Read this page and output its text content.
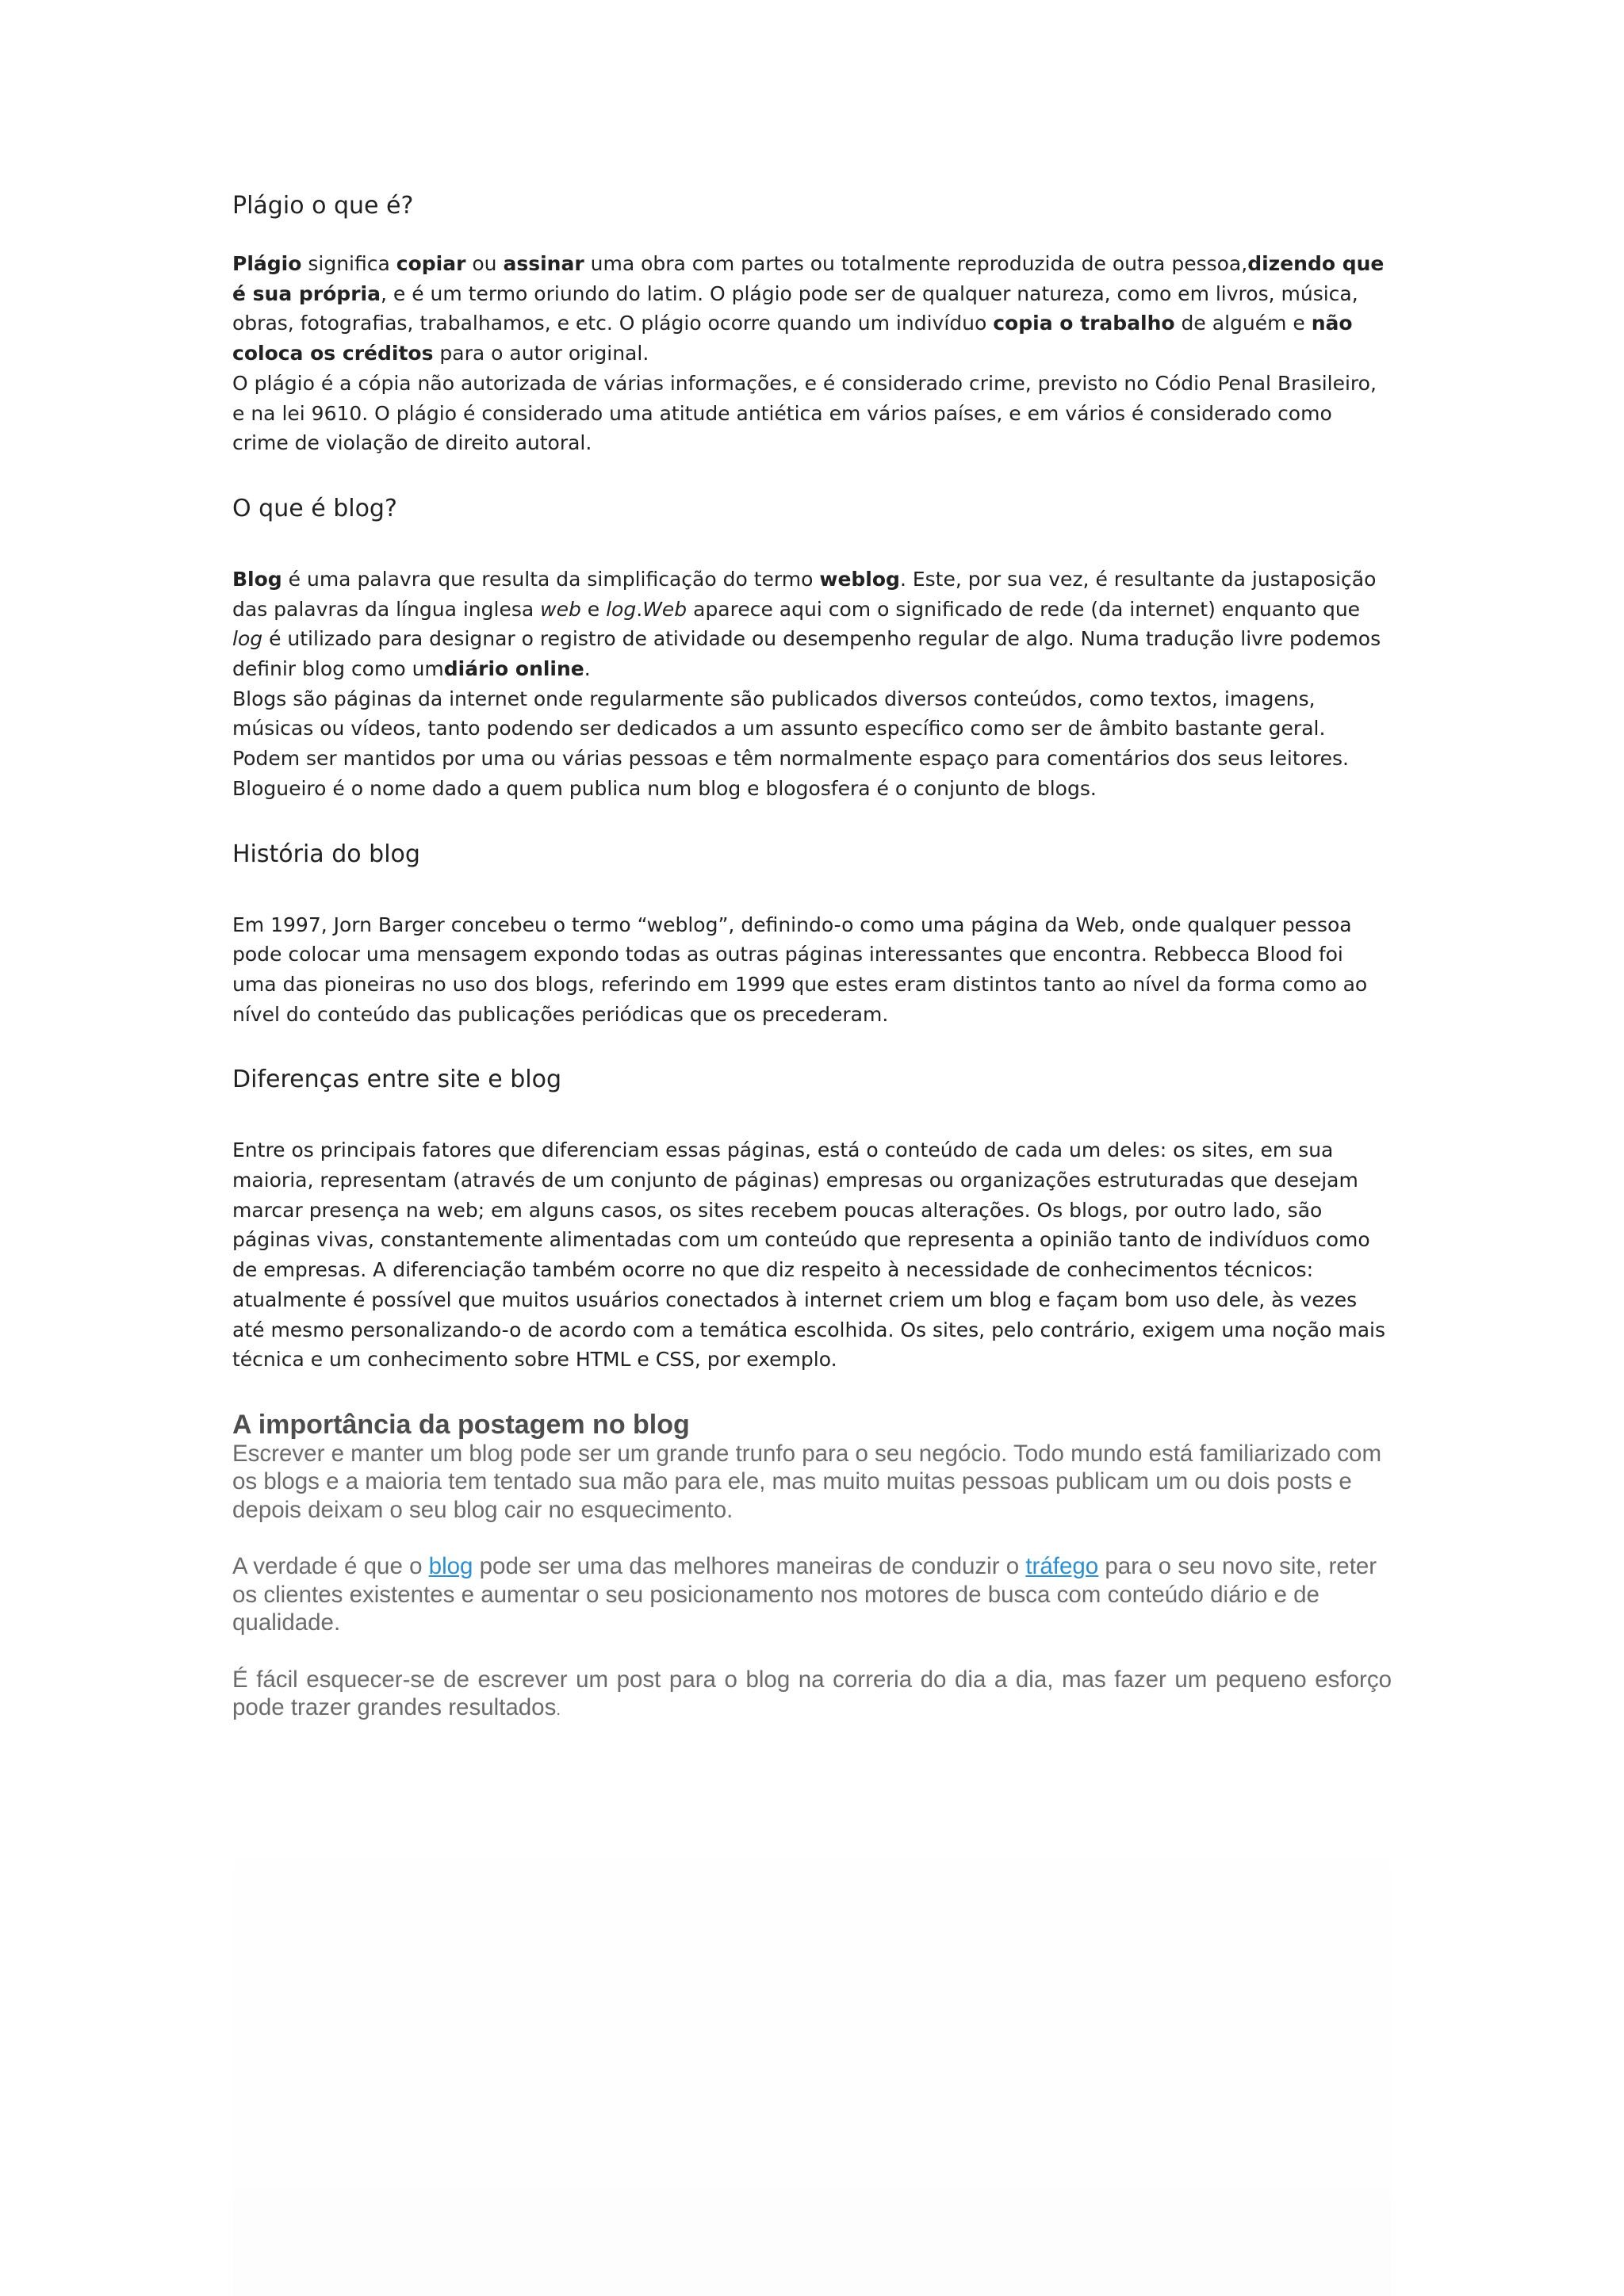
Plágio o que é?

Plágio significa copiar ou assinar uma obra com partes ou totalmente reproduzida de outra pessoa,dizendo que é sua própria, e é um termo oriundo do latim. O plágio pode ser de qualquer natureza, como em livros, música, obras, fotografias, trabalhamos, e etc. O plágio ocorre quando um indivíduo copia o trabalho de alguém e não coloca os créditos para o autor original.

O plágio é a cópia não autorizada de várias informações, e é considerado crime, previsto no Códio Penal Brasileiro, e na lei 9610. O plágio é considerado uma atitude antiética em vários países, e em vários é considerado como crime de violação de direito autoral.

O que é blog?

Blog é uma palavra que resulta da simplificação do termo weblog. Este, por sua vez, é resultante da justaposição das palavras da língua inglesa web e log.Web aparece aqui com o significado de rede (da internet) enquanto que log é utilizado para designar o registro de atividade ou desempenho regular de algo. Numa tradução livre podemos definir blog como umdiário online.

Blogs são páginas da internet onde regularmente são publicados diversos conteúdos, como textos, imagens, músicas ou vídeos, tanto podendo ser dedicados a um assunto específico como ser de âmbito bastante geral. Podem ser mantidos por uma ou várias pessoas e têm normalmente espaço para comentários dos seus leitores. Blogueiro é o nome dado a quem publica num blog e blogosfera é o conjunto de blogs.

História do blog

Em 1997, Jorn Barger concebeu o termo “weblog”, definindo-o como uma página da Web, onde qualquer pessoa pode colocar uma mensagem expondo todas as outras páginas interessantes que encontra. Rebbecca Blood foi uma das pioneiras no uso dos blogs, referindo em 1999 que estes eram distintos tanto ao nível da forma como ao nível do conteúdo das publicações periódicas que os precederam.

Diferenças entre site e blog

Entre os principais fatores que diferenciam essas páginas, está o conteúdo de cada um deles: os sites, em sua maioria, representam (através de um conjunto de páginas) empresas ou organizações estruturadas que desejam marcar presença na web; em alguns casos, os sites recebem poucas alterações. Os blogs, por outro lado, são páginas vivas, constantemente alimentadas com um conteúdo que representa a opinião tanto de indivíduos como de empresas. A diferenciação também ocorre no que diz respeito à necessidade de conhecimentos técnicos: atualmente é possível que muitos usuários conectados à internet criem um blog e façam bom uso dele, às vezes até mesmo personalizando-o de acordo com a temática escolhida. Os sites, pelo contrário, exigem uma noção mais técnica e um conhecimento sobre HTML e CSS, por exemplo.

A importância da postagem no blog

Escrever e manter um blog pode ser um grande trunfo para o seu negócio. Todo mundo está familiarizado com os blogs e a maioria tem tentado sua mão para ele, mas muito muitas pessoas publicam um ou dois posts e depois deixam o seu blog cair no esquecimento.

A verdade é que o blog pode ser uma das melhores maneiras de conduzir o tráfego para o seu novo site, reter os clientes existentes e aumentar o seu posicionamento nos motores de busca com conteúdo diário e de qualidade.

É fácil esquecer-se de escrever um post para o blog na correria do dia a dia, mas fazer um pequeno esforço pode trazer grandes resultados.
